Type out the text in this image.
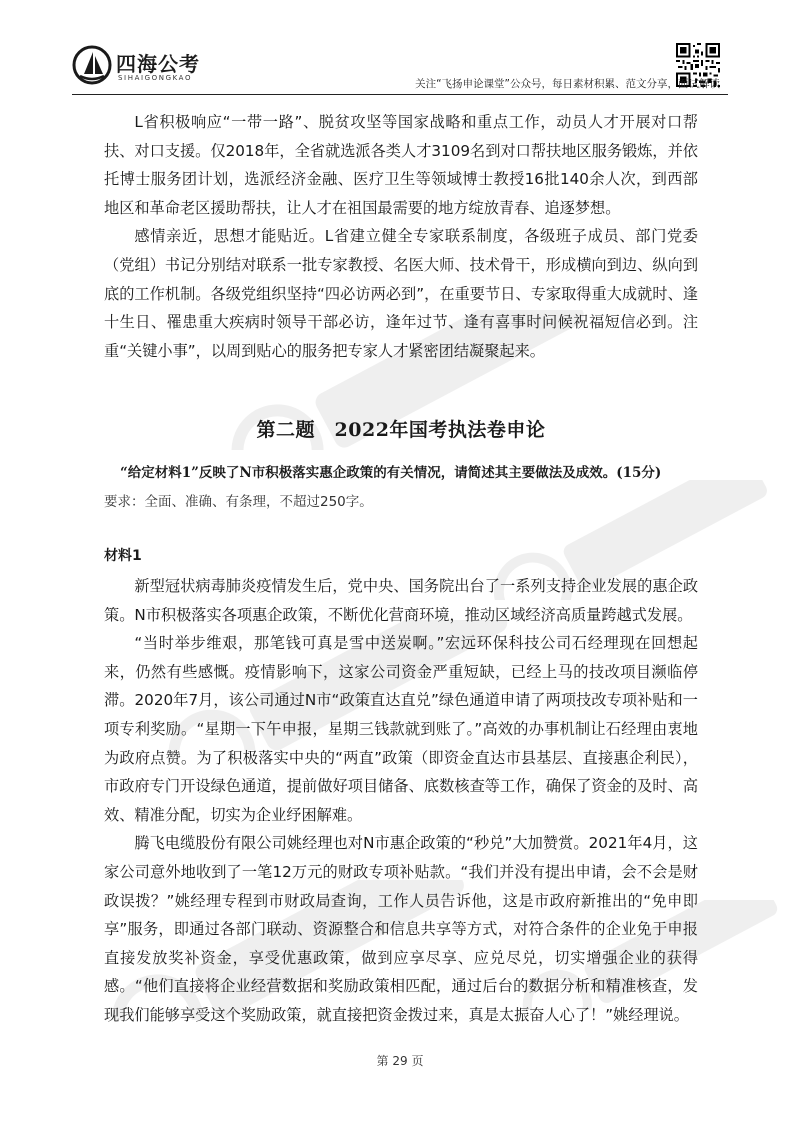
四海公考
SIHAIGONGKAO	关注“飞扬申论课堂”公众号，每日素材积累、范文分享，面试解读

L省积极响应“一带一路”、脱贫攻坚等国家战略和重点工作，动员人才开展对口帮扶、对口支援。仅2018年，全省就选派各类人才3109名到对口帮扶地区服务锻炼，并依托博士服务团计划，选派经济金融、医疗卫生等领域博士教授16批140余人次，到西部地区和革命老区援助帮扶，让人才在祖国最需要的地方绽放青春、追逐梦想。

感情亲近，思想才能贴近。L省建立健全专家联系制度，各级班子成员、部门党委（党组）书记分别结对联系一批专家教授、名医大师、技术骨干，形成横向到边、纵向到底的工作机制。各级党组织坚持“四必访两必到”，在重要节日、专家取得重大成就时、逢十生日、罹患重大疾病时领导干部必访，逢年过节、逢有喜事时问候祝福短信必到。注重“关键小事”，以周到贴心的服务把专家人才紧密团结凝聚起来。

第二题　2022年国考执法卷申论
“给定材料1”反映了N市积极落实惠企政策的有关情况，请简述其主要做法及成效。(15分)
要求：全面、准确、有条理，不超过250字。
材料1

新型冠状病毒肺炎疫情发生后，党中央、国务院出台了一系列支持企业发展的惠企政策。N市积极落实各项惠企政策，不断优化营商环境，推动区域经济高质量跨越式发展。

“当时举步维艰，那笔钱可真是雪中送炭啊。”宏远环保科技公司石经理现在回想起来，仍然有些感慨。疫情影响下，这家公司资金严重短缺，已经上马的技改项目濒临停滞。2020年7月，该公司通过N市“政策直达直兑”绿色通道申请了两项技改专项补贴和一项专利奖励。“星期一下午申报，星期三钱款就到账了。”高效的办事机制让石经理由衷地为政府点赞。为了积极落实中央的“两直”政策（即资金直达市县基层、直接惠企利民），市政府专门开设绿色通道，提前做好项目储备、底数核查等工作，确保了资金的及时、高效、精准分配，切实为企业纾困解难。

腾飞电缆股份有限公司姚经理也对N市惠企政策的“秒兑”大加赞赏。2021年4月，这家公司意外地收到了一笔12万元的财政专项补贴款。“我们并没有提出申请，会不会是财政误拨？”姚经理专程到市财政局查询，工作人员告诉他，这是市政府新推出的“免申即享”服务，即通过各部门联动、资源整合和信息共享等方式，对符合条件的企业免于申报直接发放奖补资金，享受优惠政策，做到应享尽享、应兑尽兑，切实增强企业的获得感。“他们直接将企业经营数据和奖励政策相匹配，通过后台的数据分析和精准核查，发现我们能够享受这个奖励政策，就直接把资金拨过来，真是太振奋人心了！”姚经理说。

第 29 页
